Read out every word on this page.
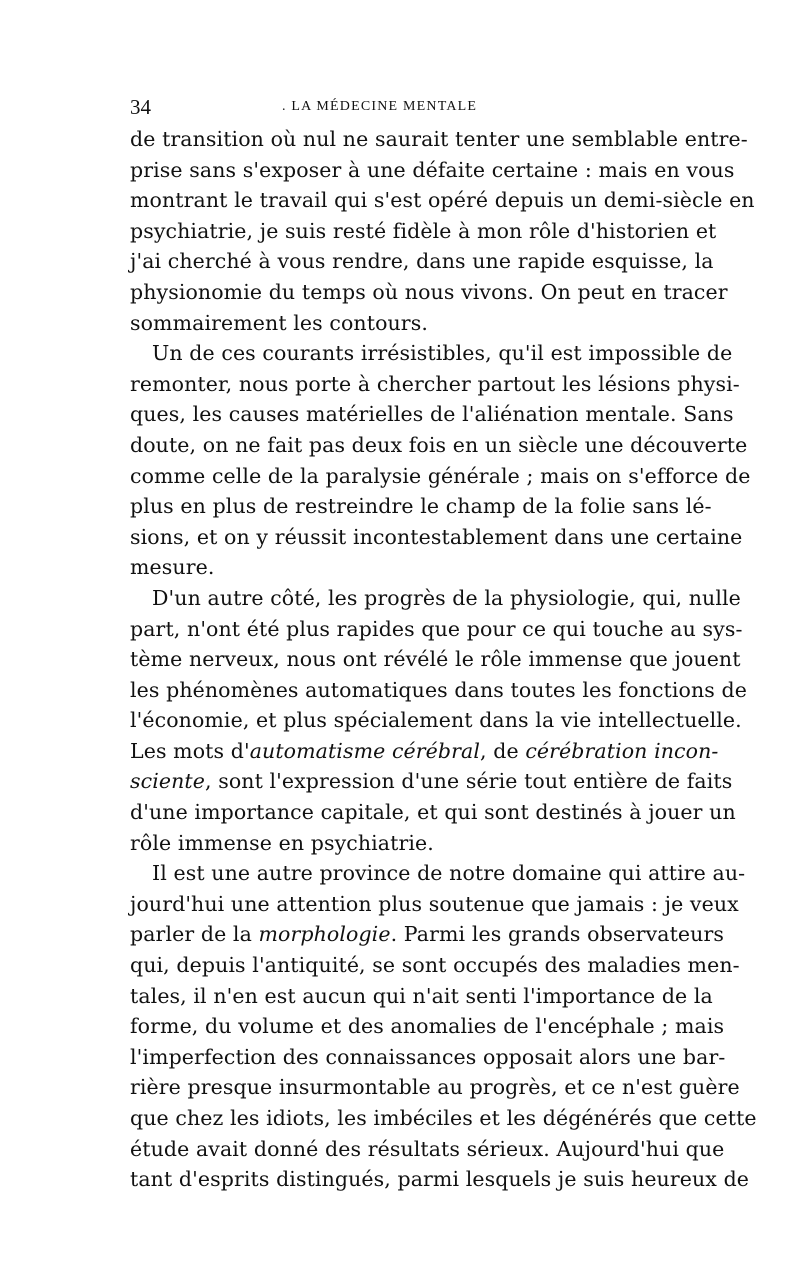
34	. LA MÉDECINE MENTALE
de transition où nul ne saurait tenter une semblable entre-
prise sans s'exposer à une défaite certaine : mais en vous
montrant le travail qui s'est opéré depuis un demi-siècle en
psychiatrie, je suis resté fidèle à mon rôle d'historien et
j'ai cherché à vous rendre, dans une rapide esquisse, la
physionomie du temps où nous vivons. On peut en tracer
sommairement les contours.
Un de ces courants irrésistibles, qu'il est impossible de
remonter, nous porte à chercher partout les lésions physi-
ques, les causes matérielles de l'aliénation mentale. Sans
doute, on ne fait pas deux fois en un siècle une découverte
comme celle de la paralysie générale ; mais on s'efforce de
plus en plus de restreindre le champ de la folie sans lé-
sions, et on y réussit incontestablement dans une certaine
mesure.
D'un autre côté, les progrès de la physiologie, qui, nulle
part, n'ont été plus rapides que pour ce qui touche au sys-
tème nerveux, nous ont révélé le rôle immense que jouent
les phénomènes automatiques dans toutes les fonctions de
l'économie, et plus spécialement dans la vie intellectuelle.
Les mots d'automatisme cérébral, de cérébration incon-
sciente, sont l'expression d'une série tout entière de faits
d'une importance capitale, et qui sont destinés à jouer un
rôle immense en psychiatrie.
Il est une autre province de notre domaine qui attire au-
jourd'hui une attention plus soutenue que jamais : je veux
parler de la morphologie. Parmi les grands observateurs
qui, depuis l'antiquité, se sont occupés des maladies men-
tales, il n'en est aucun qui n'ait senti l'importance de la
forme, du volume et des anomalies de l'encéphale ; mais
l'imperfection des connaissances opposait alors une bar-
rière presque insurmontable au progrès, et ce n'est guère
que chez les idiots, les imbéciles et les dégénérés que cette
étude avait donné des résultats sérieux. Aujourd'hui que
tant d'esprits distingués, parmi lesquels je suis heureux de
